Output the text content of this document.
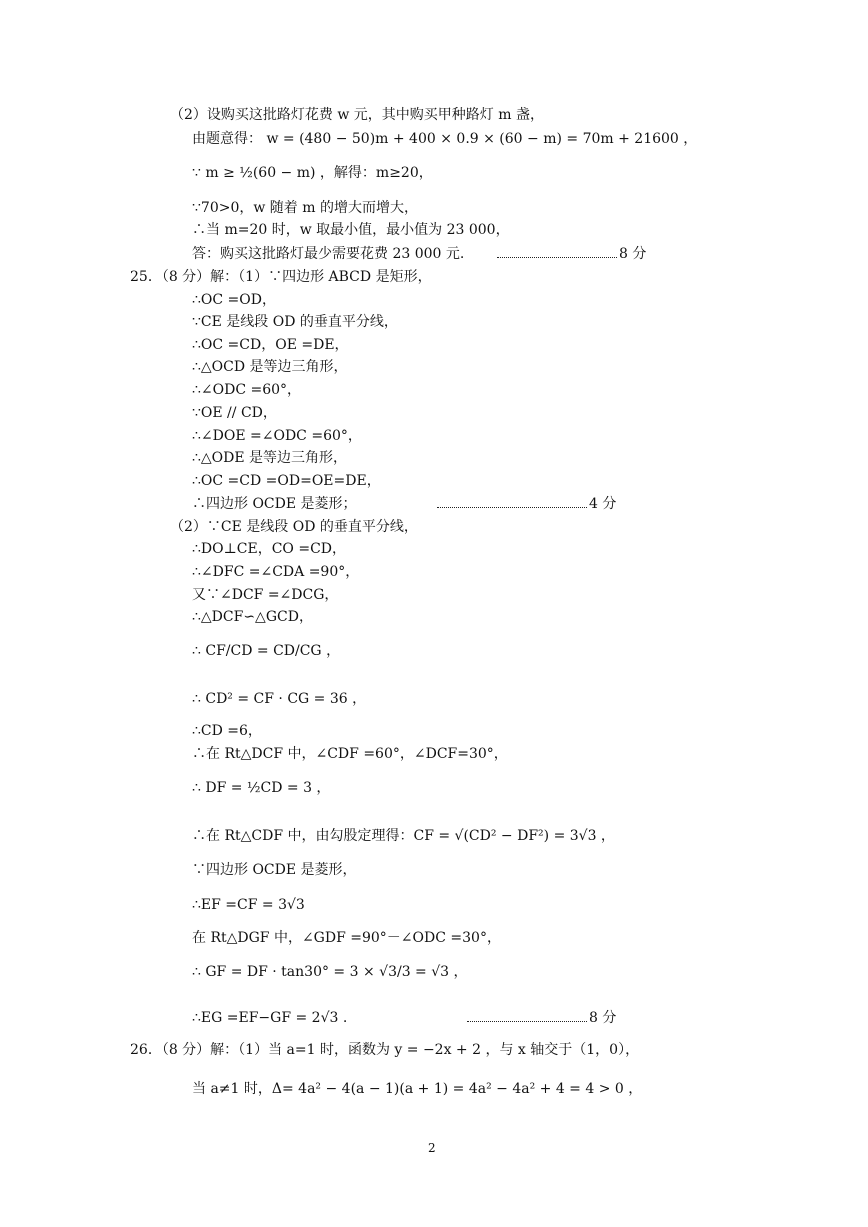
（2）设购买这批路灯花费 w 元，其中购买甲种路灯 m 盏，
由题意得： w = (480 − 50)m + 400 × 0.9 × (60 − m) = 70m + 21600 ，
∵ m ≥ ½(60 − m) ，解得：m≥20，
∵70>0，w 随着 m 的增大而增大，
∴当 m=20 时，w 取最小值，最小值为 23 000，
答：购买这批路灯最少需要花费 23 000 元.	8 分
25．（8 分）解：（1）∵四边形 ABCD 是矩形，
∴OC =OD，
∵CE 是线段 OD 的垂直平分线，
∴OC =CD，OE =DE，
∴△OCD 是等边三角形，
∴∠ODC =60°，
∵OE // CD，
∴∠DOE =∠ODC =60°，
∴△ODE 是等边三角形，
∴OC =CD =OD=OE=DE，
∴四边形 OCDE 是菱形；	4 分
（2）∵CE 是线段 OD 的垂直平分线，
∴DO⊥CE，CO =CD，
∴∠DFC =∠CDA =90°，
又∵∠DCF =∠DCG，
∴△DCF∽△GCD，
∴ CF/CD = CD/CG ，
∴ CD² = CF · CG = 36 ，
∴CD =6，
∴在 Rt△DCF 中，∠CDF =60°，∠DCF=30°，
∴ DF = ½CD = 3 ，
∴在 Rt△CDF 中，由勾股定理得：CF = √(CD² − DF²) = 3√3 ，
∵四边形 OCDE 是菱形，
∴EF =CF = 3√3
在 Rt△DGF 中，∠GDF =90°－∠ODC =30°，
∴ GF = DF · tan30° = 3 × √3/3 = √3 ，
∴EG =EF−GF = 2√3 .	8 分
26．（8 分）解：（1）当 a=1 时，函数为 y = −2x + 2 ，与 x 轴交于（1，0），
当 a≠1 时，Δ= 4a² − 4(a − 1)(a + 1) = 4a² − 4a² + 4 = 4 > 0 ，
2
